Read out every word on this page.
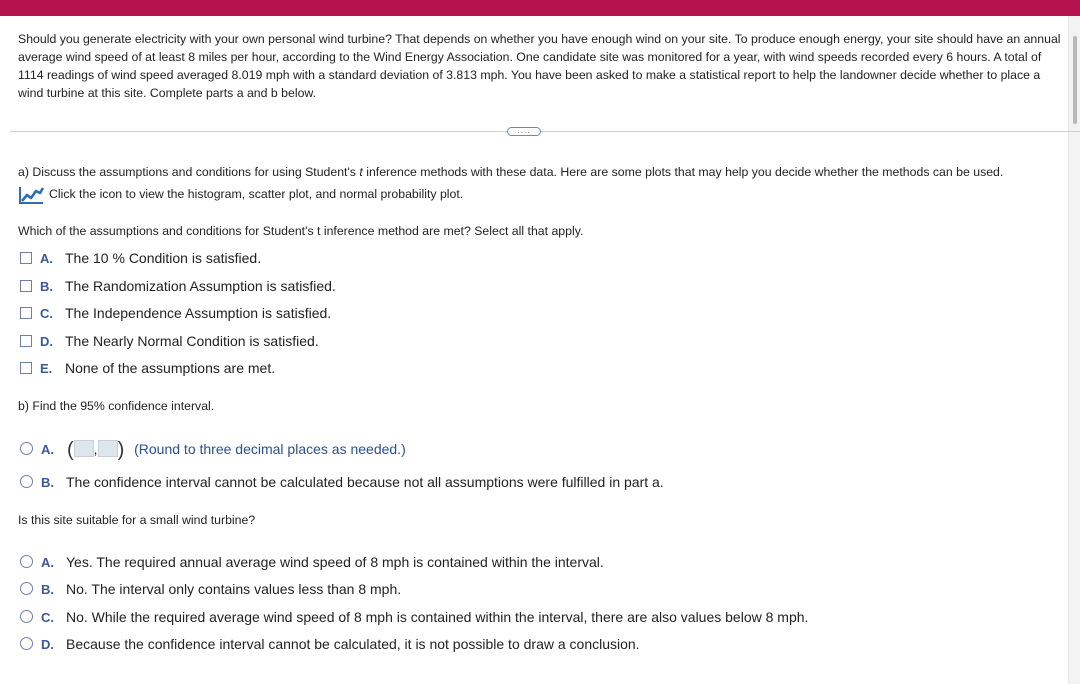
Should you generate electricity with your own personal wind turbine? That depends on whether you have enough wind on your site. To produce enough energy, your site should have an annual average wind speed of at least 8 miles per hour, according to the Wind Energy Association. One candidate site was monitored for a year, with wind speeds recorded every 6 hours. A total of 1114 readings of wind speed averaged 8.019 mph with a standard deviation of 3.813 mph. You have been asked to make a statistical report to help the landowner decide whether to place a wind turbine at this site. Complete parts a and b below.
....
a) Discuss the assumptions and conditions for using Student's t inference methods with these data. Here are some plots that may help you decide whether the methods can be used.
Click the icon to view the histogram, scatter plot, and normal probability plot.
Which of the assumptions and conditions for Student's t inference method are met? Select all that apply.
A. The 10 % Condition is satisfied.
B. The Randomization Assumption is satisfied.
C. The Independence Assumption is satisfied.
D. The Nearly Normal Condition is satisfied.
E. None of the assumptions are met.
b) Find the 95% confidence interval.
A. ( , ) (Round to three decimal places as needed.)
B. The confidence interval cannot be calculated because not all assumptions were fulfilled in part a.
Is this site suitable for a small wind turbine?
A. Yes. The required annual average wind speed of 8 mph is contained within the interval.
B. No. The interval only contains values less than 8 mph.
C. No. While the required average wind speed of 8 mph is contained within the interval, there are also values below 8 mph.
D. Because the confidence interval cannot be calculated, it is not possible to draw a conclusion.
